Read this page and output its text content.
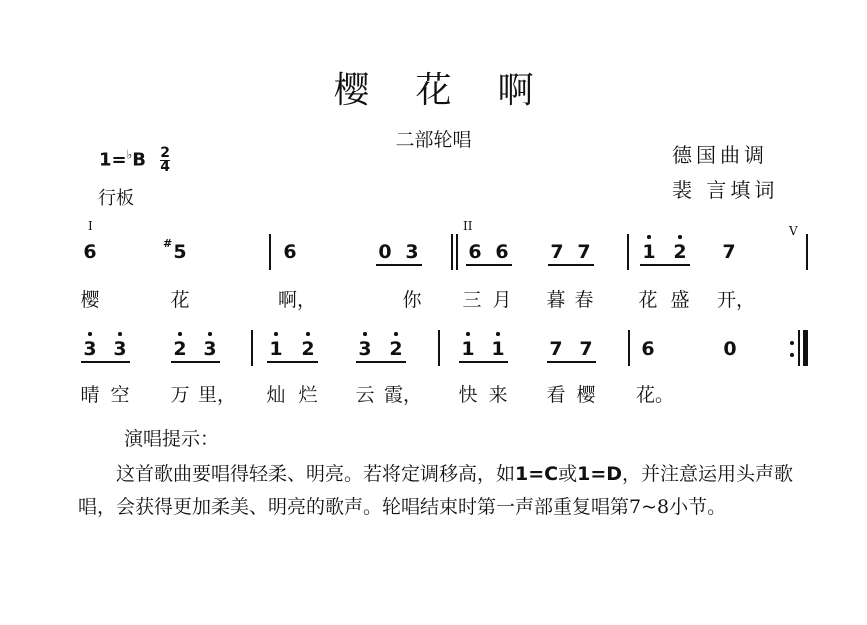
樱花啊
二部轮唱
德国曲调
裴 言填词
$1=^♭B \frac{2}{4}$
行板
I	II	V
6	# 5	6	0 3	6 6 7 7	1 2 7
樱	花	啊，	你 三 月 暮 春 花 盛 开，
3 3 2 3	1 2 3 2	1 1 7 7	6	0
晴 空 万 里， 灿 烂 云 霞， 快 来 看 樱 花。
演唱提示：
　　这首歌曲要唱得轻柔、明亮。若将定调移高，如1=C或1=D，并注意运用头声歌唱，会获得更加柔美、明亮的歌声。轮唱结束时第一声部重复唱第7~8小节。
